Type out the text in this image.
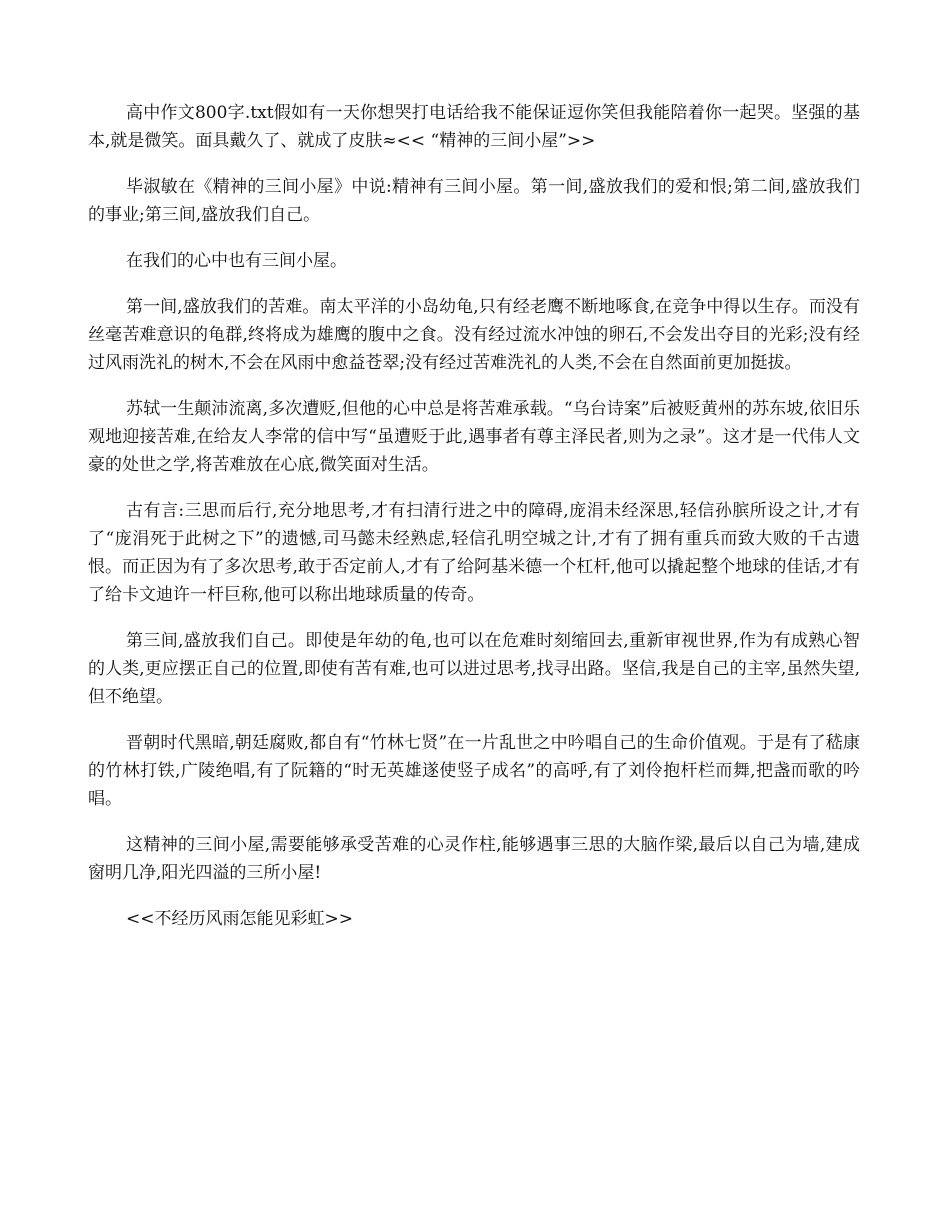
高中作文800字.txt假如有一天你想哭打电话给我不能保证逗你笑但我能陪着你一起哭。坚强的基本,就是微笑。面具戴久了、就成了皮肤≈<< “精神的三间小屋”>>

毕淑敏在《精神的三间小屋》中说:精神有三间小屋。第一间,盛放我们的爱和恨;第二间,盛放我们的事业;第三间,盛放我们自己。

在我们的心中也有三间小屋。

第一间,盛放我们的苦难。南太平洋的小岛幼龟,只有经老鹰不断地啄食,在竞争中得以生存。而没有丝毫苦难意识的龟群,终将成为雄鹰的腹中之食。没有经过流水冲蚀的卵石,不会发出夺目的光彩;没有经过风雨洗礼的树木,不会在风雨中愈益苍翠;没有经过苦难洗礼的人类,不会在自然面前更加挺拔。

苏轼一生颠沛流离,多次遭贬,但他的心中总是将苦难承载。“乌台诗案”后被贬黄州的苏东坡,依旧乐观地迎接苦难,在给友人李常的信中写“虽遭贬于此,遇事者有尊主泽民者,则为之录”。这才是一代伟人文豪的处世之学,将苦难放在心底,微笑面对生活。

古有言:三思而后行,充分地思考,才有扫清行进之中的障碍,庞涓未经深思,轻信孙膑所设之计,才有了“庞涓死于此树之下”的遗憾,司马懿未经熟虑,轻信孔明空城之计,才有了拥有重兵而致大败的千古遗恨。而正因为有了多次思考,敢于否定前人,才有了给阿基米德一个杠杆,他可以撬起整个地球的佳话,才有了给卡文迪许一杆巨称,他可以称出地球质量的传奇。

第三间,盛放我们自己。即使是年幼的龟,也可以在危难时刻缩回去,重新审视世界,作为有成熟心智的人类,更应摆正自己的位置,即使有苦有难,也可以进过思考,找寻出路。坚信,我是自己的主宰,虽然失望,但不绝望。

晋朝时代黑暗,朝廷腐败,都自有“竹林七贤”在一片乱世之中吟唱自己的生命价值观。于是有了嵇康的竹林打铁,广陵绝唱,有了阮籍的“时无英雄遂使竖子成名”的高呼,有了刘伶抱杆栏而舞,把盏而歌的吟唱。

这精神的三间小屋,需要能够承受苦难的心灵作柱,能够遇事三思的大脑作梁,最后以自己为墙,建成窗明几净,阳光四溢的三所小屋!

<<不经历风雨怎能见彩虹>>
